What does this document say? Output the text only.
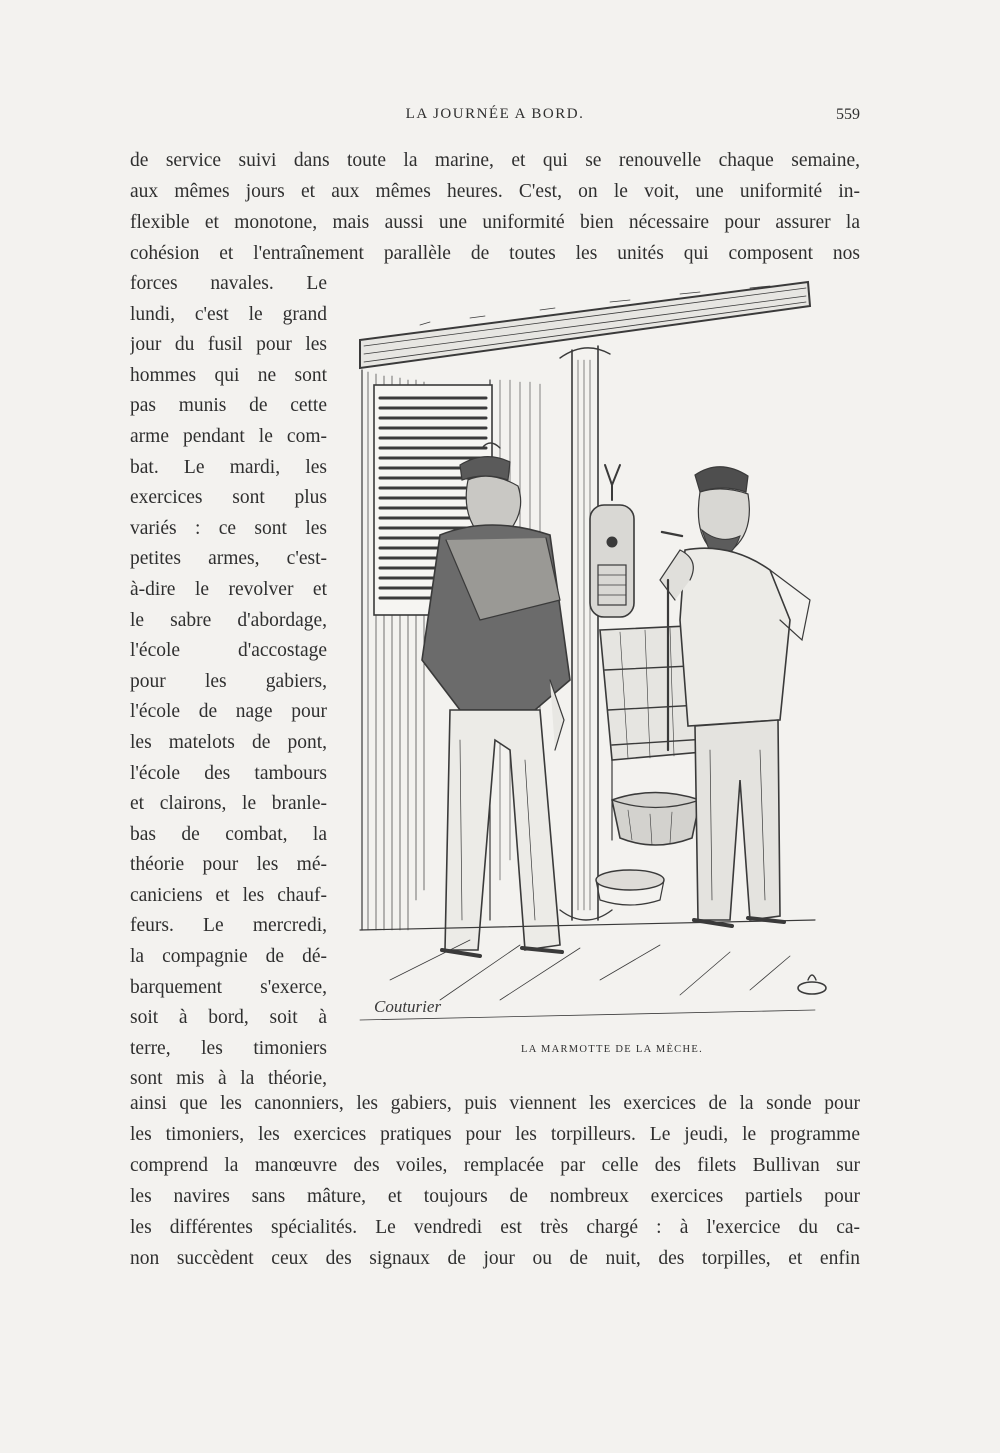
LA JOURNÉE A BORD.	559
de service suivi dans toute la marine, et qui se renouvelle chaque semaine,
aux mêmes jours et aux mêmes heures. C'est, on le voit, une uniformité in-
flexible et monotone, mais aussi une uniformité bien nécessaire pour assurer la
cohésion et l'entraînement parallèle de toutes les unités qui composent nos
forces navales. Le
lundi, c'est le grand
jour du fusil pour les
hommes qui ne sont
pas munis de cette
arme pendant le com-
bat. Le mardi, les
exercices sont plus
variés : ce sont les
petites armes, c'est-
à-dire le revolver et
le sabre d'abordage,
l'école d'accostage
pour les gabiers,
l'école de nage pour
les matelots de pont,
l'école des tambours
et clairons, le branle-
bas de combat, la
théorie pour les mé-
caniciens et les chauf-
feurs. Le mercredi,
la compagnie de dé-
barquement s'exerce,
soit à bord, soit à
terre, les timoniers
sont mis à la théorie,
Couturier
LA MARMOTTE DE LA MÈCHE.
ainsi que les canonniers, les gabiers, puis viennent les exercices de la sonde pour
les timoniers, les exercices pratiques pour les torpilleurs. Le jeudi, le programme
comprend la manœuvre des voiles, remplacée par celle des filets Bullivan sur
les navires sans mâture, et toujours de nombreux exercices partiels pour
les différentes spécialités. Le vendredi est très chargé : à l'exercice du ca-
non succèdent ceux des signaux de jour ou de nuit, des torpilles, et enfin
